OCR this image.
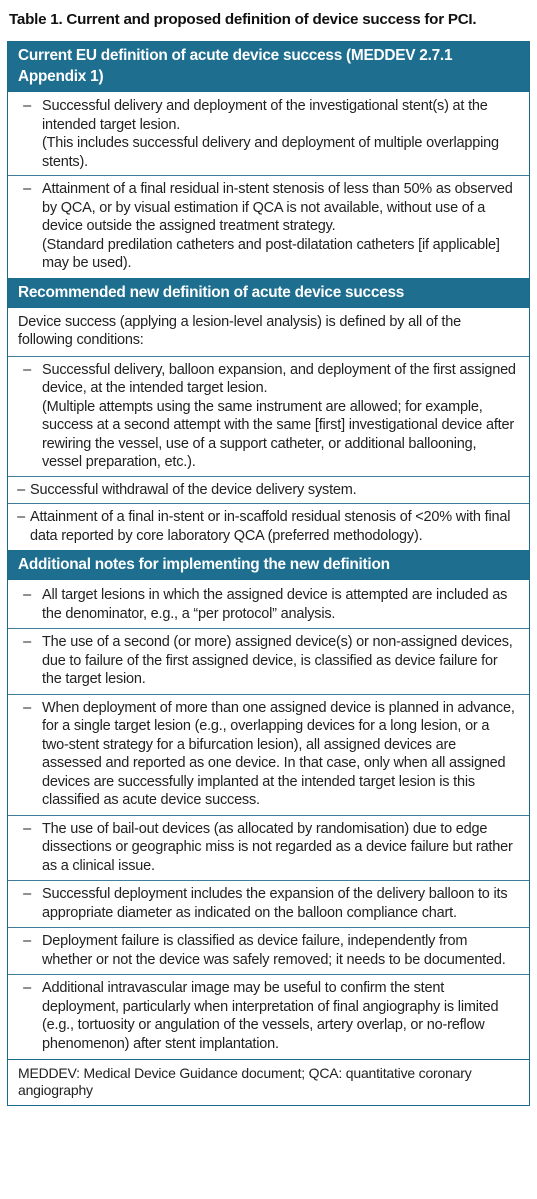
Table 1. Current and proposed definition of device success for PCI.
Current EU definition of acute device success (MEDDEV 2.7.1 Appendix 1)
– Successful delivery and deployment of the investigational stent(s) at the intended target lesion.
(This includes successful delivery and deployment of multiple overlapping stents).
– Attainment of a final residual in-stent stenosis of less than 50% as observed by QCA, or by visual estimation if QCA is not available, without use of a device outside the assigned treatment strategy.
(Standard predilation catheters and post-dilatation catheters [if applicable] may be used).
Recommended new definition of acute device success
Device success (applying a lesion-level analysis) is defined by all of the following conditions:
– Successful delivery, balloon expansion, and deployment of the first assigned device, at the intended target lesion.
(Multiple attempts using the same instrument are allowed; for example, success at a second attempt with the same [first] investigational device after rewiring the vessel, use of a support catheter, or additional ballooning, vessel preparation, etc.).
– Successful withdrawal of the device delivery system.
– Attainment of a final in-stent or in-scaffold residual stenosis of <20% with final data reported by core laboratory QCA (preferred methodology).
Additional notes for implementing the new definition
– All target lesions in which the assigned device is attempted are included as the denominator, e.g., a “per protocol” analysis.
– The use of a second (or more) assigned device(s) or non-assigned devices, due to failure of the first assigned device, is classified as device failure for the target lesion.
– When deployment of more than one assigned device is planned in advance, for a single target lesion (e.g., overlapping devices for a long lesion, or a two-stent strategy for a bifurcation lesion), all assigned devices are assessed and reported as one device. In that case, only when all assigned devices are successfully implanted at the intended target lesion is this classified as acute device success.
– The use of bail-out devices (as allocated by randomisation) due to edge dissections or geographic miss is not regarded as a device failure but rather as a clinical issue.
– Successful deployment includes the expansion of the delivery balloon to its appropriate diameter as indicated on the balloon compliance chart.
– Deployment failure is classified as device failure, independently from whether or not the device was safely removed; it needs to be documented.
– Additional intravascular image may be useful to confirm the stent deployment, particularly when interpretation of final angiography is limited (e.g., tortuosity or angulation of the vessels, artery overlap, or no-reflow phenomenon) after stent implantation.
MEDDEV: Medical Device Guidance document; QCA: quantitative coronary angiography
